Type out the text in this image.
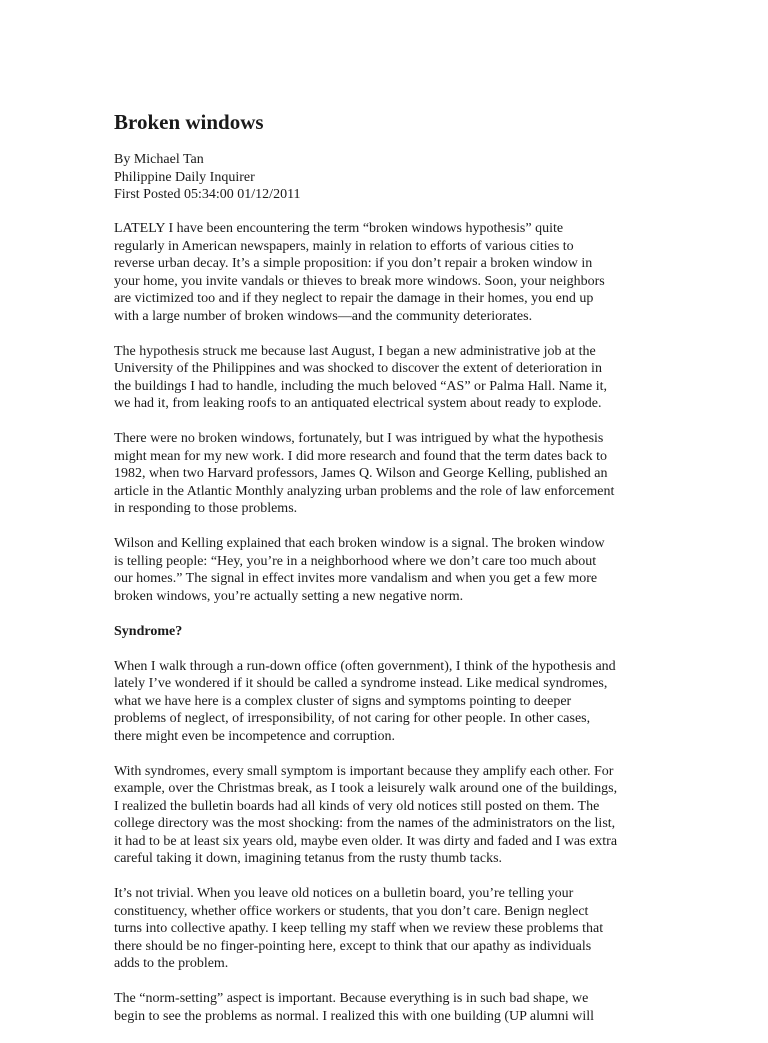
Broken windows
By Michael Tan
Philippine Daily Inquirer
First Posted 05:34:00 01/12/2011

LATELY I have been encountering the term “broken windows hypothesis” quite
regularly in American newspapers, mainly in relation to efforts of various cities to
reverse urban decay. It’s a simple proposition: if you don’t repair a broken window in
your home, you invite vandals or thieves to break more windows. Soon, your neighbors
are victimized too and if they neglect to repair the damage in their homes, you end up
with a large number of broken windows—and the community deteriorates.

The hypothesis struck me because last August, I began a new administrative job at the
University of the Philippines and was shocked to discover the extent of deterioration in
the buildings I had to handle, including the much beloved “AS” or Palma Hall. Name it,
we had it, from leaking roofs to an antiquated electrical system about ready to explode.

There were no broken windows, fortunately, but I was intrigued by what the hypothesis
might mean for my new work. I did more research and found that the term dates back to
1982, when two Harvard professors, James Q. Wilson and George Kelling, published an
article in the Atlantic Monthly analyzing urban problems and the role of law enforcement
in responding to those problems.

Wilson and Kelling explained that each broken window is a signal. The broken window
is telling people: “Hey, you’re in a neighborhood where we don’t care too much about
our homes.” The signal in effect invites more vandalism and when you get a few more
broken windows, you’re actually setting a new negative norm.

Syndrome?

When I walk through a run-down office (often government), I think of the hypothesis and
lately I’ve wondered if it should be called a syndrome instead. Like medical syndromes,
what we have here is a complex cluster of signs and symptoms pointing to deeper
problems of neglect, of irresponsibility, of not caring for other people. In other cases,
there might even be incompetence and corruption.

With syndromes, every small symptom is important because they amplify each other. For
example, over the Christmas break, as I took a leisurely walk around one of the buildings,
I realized the bulletin boards had all kinds of very old notices still posted on them. The
college directory was the most shocking: from the names of the administrators on the list,
it had to be at least six years old, maybe even older. It was dirty and faded and I was extra
careful taking it down, imagining tetanus from the rusty thumb tacks.

It’s not trivial. When you leave old notices on a bulletin board, you’re telling your
constituency, whether office workers or students, that you don’t care. Benign neglect
turns into collective apathy. I keep telling my staff when we review these problems that
there should be no finger-pointing here, except to think that our apathy as individuals
adds to the problem.

The “norm-setting” aspect is important. Because everything is in such bad shape, we
begin to see the problems as normal. I realized this with one building (UP alumni will
